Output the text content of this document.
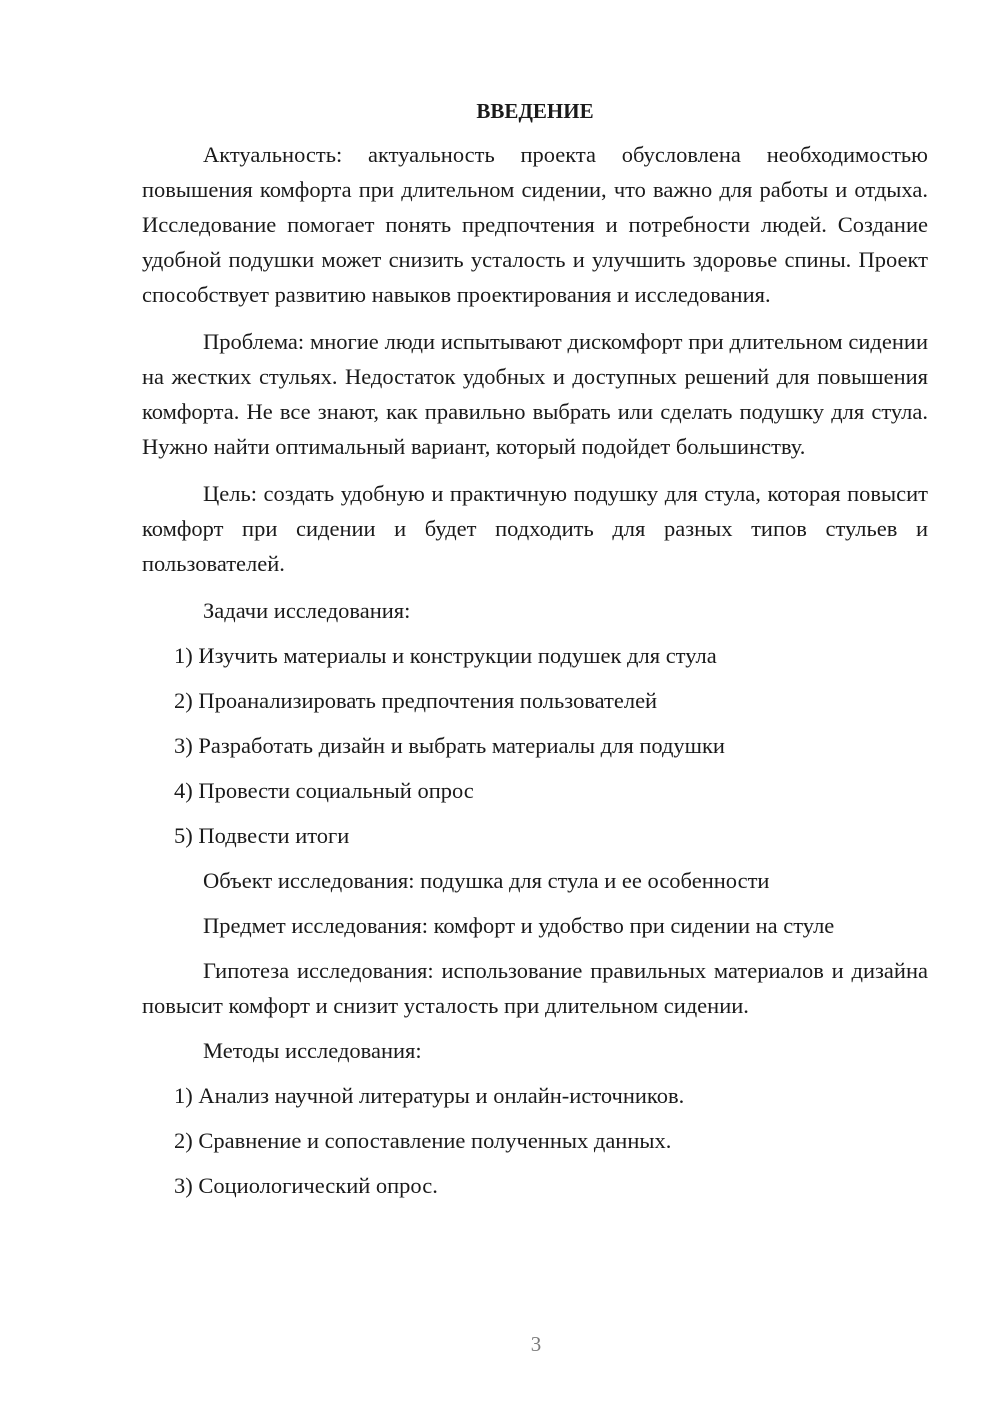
ВВЕДЕНИЕ
Актуальность: актуальность проекта обусловлена необходимостью повышения комфорта при длительном сидении, что важно для работы и отдыха. Исследование помогает понять предпочтения и потребности людей. Создание удобной подушки может снизить усталость и улучшить здоровье спины. Проект способствует развитию навыков проектирования и исследования.
Проблема: многие люди испытывают дискомфорт при длительном сидении на жестких стульях. Недостаток удобных и доступных решений для повышения комфорта. Не все знают, как правильно выбрать или сделать подушку для стула. Нужно найти оптимальный вариант, который подойдет большинству.
Цель: создать удобную и практичную подушку для стула, которая повысит комфорт при сидении и будет подходить для разных типов стульев и пользователей.
Задачи исследования:
1) Изучить материалы и конструкции подушек для стула
2) Проанализировать предпочтения пользователей
3) Разработать дизайн и выбрать материалы для подушки
4) Провести социальный опрос
5) Подвести итоги
Объект исследования: подушка для стула и ее особенности
Предмет исследования: комфорт и удобство при сидении на стуле
Гипотеза исследования: использование правильных материалов и дизайна повысит комфорт и снизит усталость при длительном сидении.
Методы исследования:
1) Анализ научной литературы и онлайн-источников.
2) Сравнение и сопоставление полученных данных.
3) Социологический опрос.
3
